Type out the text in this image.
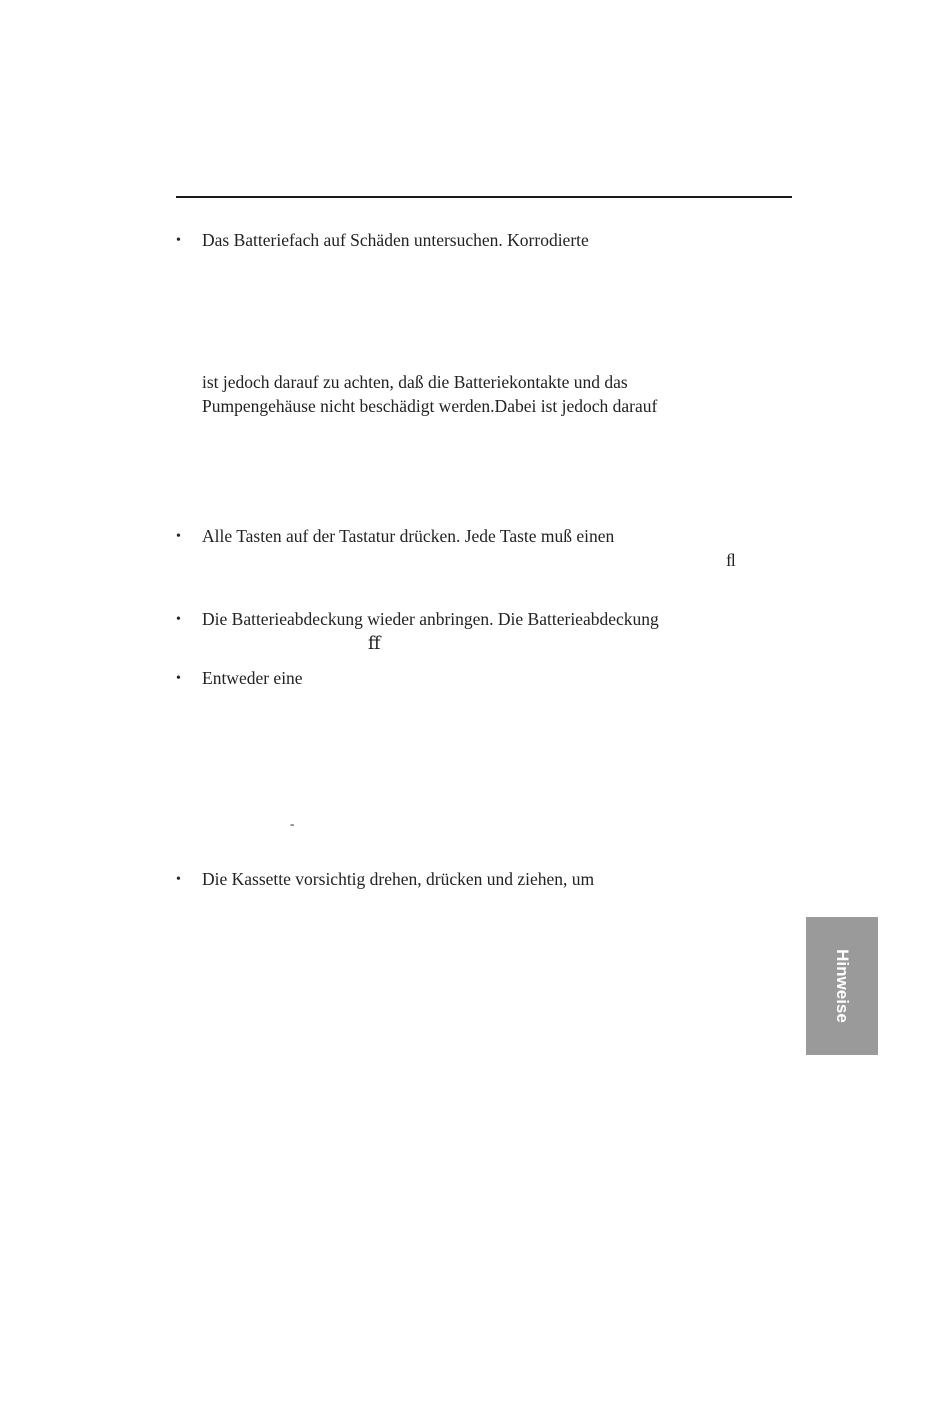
• Das Batteriefach auf Schäden untersuchen. Korrodierte
ist jedoch darauf zu achten, daß die Batteriekontakte und das
Pumpengehäuse nicht beschädigt werden.Dabei ist jedoch darauf
• Alle Tasten auf der Tastatur drücken. Jede Taste muß einen
ﬂ
• Die Batterieabdeckung wieder anbringen. Die Batterieabdeckung
ﬀ
• Entweder eine
-
• Die Kassette vorsichtig drehen, drücken und ziehen, um
Hinweise
